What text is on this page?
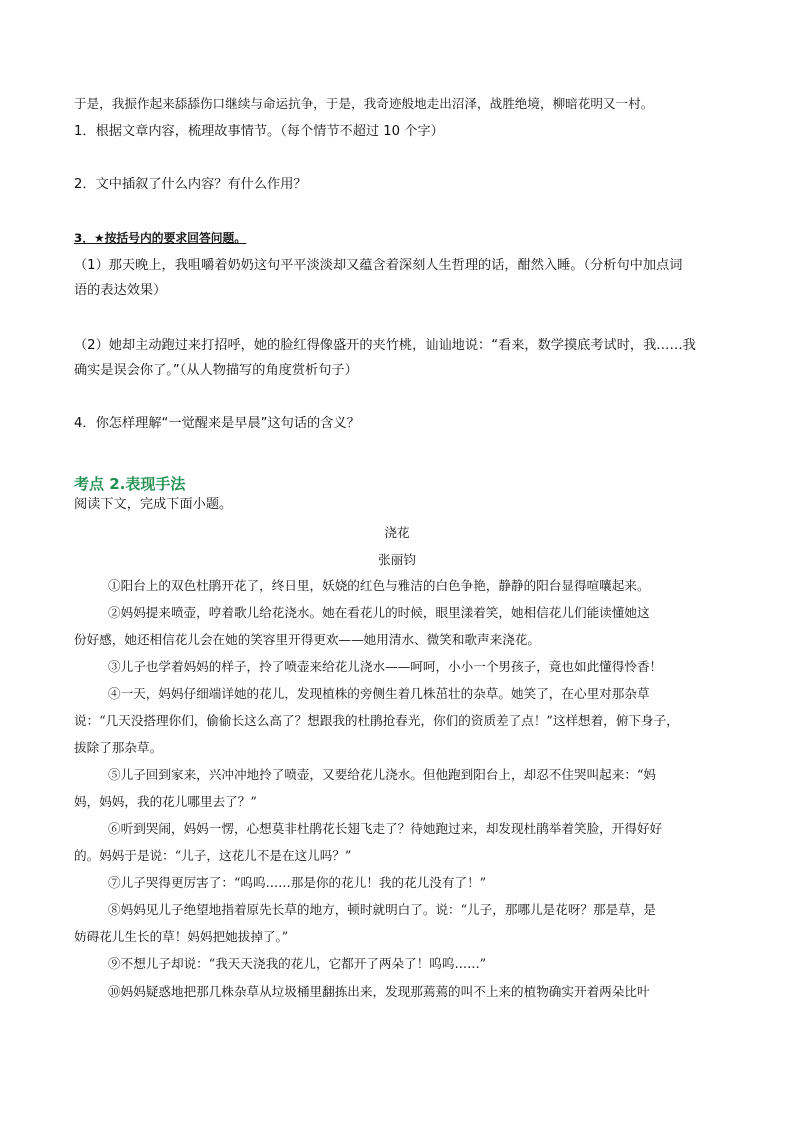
于是，我振作起来舔舔伤口继续与命运抗争，于是，我奇迹般地走出沼泽，战胜绝境，柳暗花明又一村。
1．根据文章内容，梳理故事情节。（每个情节不超过 10 个字）
2．文中插叙了什么内容？有什么作用？
3．★按括号内的要求回答问题。
（1）那天晚上，我咀嚼着奶奶这句平平淡淡却又蕴含着深刻人生哲理的话，酣然入睡。（分析句中加点词
语的表达效果）
（2）她却主动跑过来打招呼，她的脸红得像盛开的夹竹桃，讪讪地说：“看来，数学摸底考试时，我……我
确实是误会你了。”（从人物描写的角度赏析句子）
4．你怎样理解“一觉醒来是早晨”这句话的含义？
考点 2.表现手法
阅读下文，完成下面小题。
浇花
张丽钧
①阳台上的双色杜鹃开花了，终日里，妖娆的红色与雅洁的白色争艳，静静的阳台显得喧嚷起来。
②妈妈提来喷壶，哼着歌儿给花浇水。她在看花儿的时候，眼里漾着笑，她相信花儿们能读懂她这
份好感，她还相信花儿会在她的笑容里开得更欢——她用清水、微笑和歌声来浇花。
③儿子也学着妈妈的样子，拎了喷壶来给花儿浇水——呵呵，小小一个男孩子，竟也如此懂得怜香！
④一天，妈妈仔细端详她的花儿，发现植株的旁侧生着几株茁壮的杂草。她笑了，在心里对那杂草
说：“几天没搭理你们，偷偷长这么高了？想跟我的杜鹃抢春光，你们的资质差了点！”这样想着，俯下身子，
拔除了那杂草。
⑤儿子回到家来，兴冲冲地拎了喷壶，又要给花儿浇水。但他跑到阳台上，却忍不住哭叫起来：“妈
妈，妈妈，我的花儿哪里去了？”
⑥听到哭闹，妈妈一愣，心想莫非杜鹃花长翅飞走了？待她跑过来，却发现杜鹃举着笑脸，开得好好
的。妈妈于是说：“儿子，这花儿不是在这儿吗？”
⑦儿子哭得更厉害了：“呜呜……那是你的花儿！我的花儿没有了！”
⑧妈妈见儿子绝望地指着原先长草的地方，顿时就明白了。说：“儿子，那哪儿是花呀？那是草，是
妨碍花儿生长的草！妈妈把她拔掉了。”
⑨不想儿子却说：“我天天浇我的花儿，它都开了两朵了！呜呜……”
⑩妈妈疑惑地把那几株杂草从垃圾桶里翻拣出来，发现那蔫蔫的叫不上来的植物确实开着两朵比叶
